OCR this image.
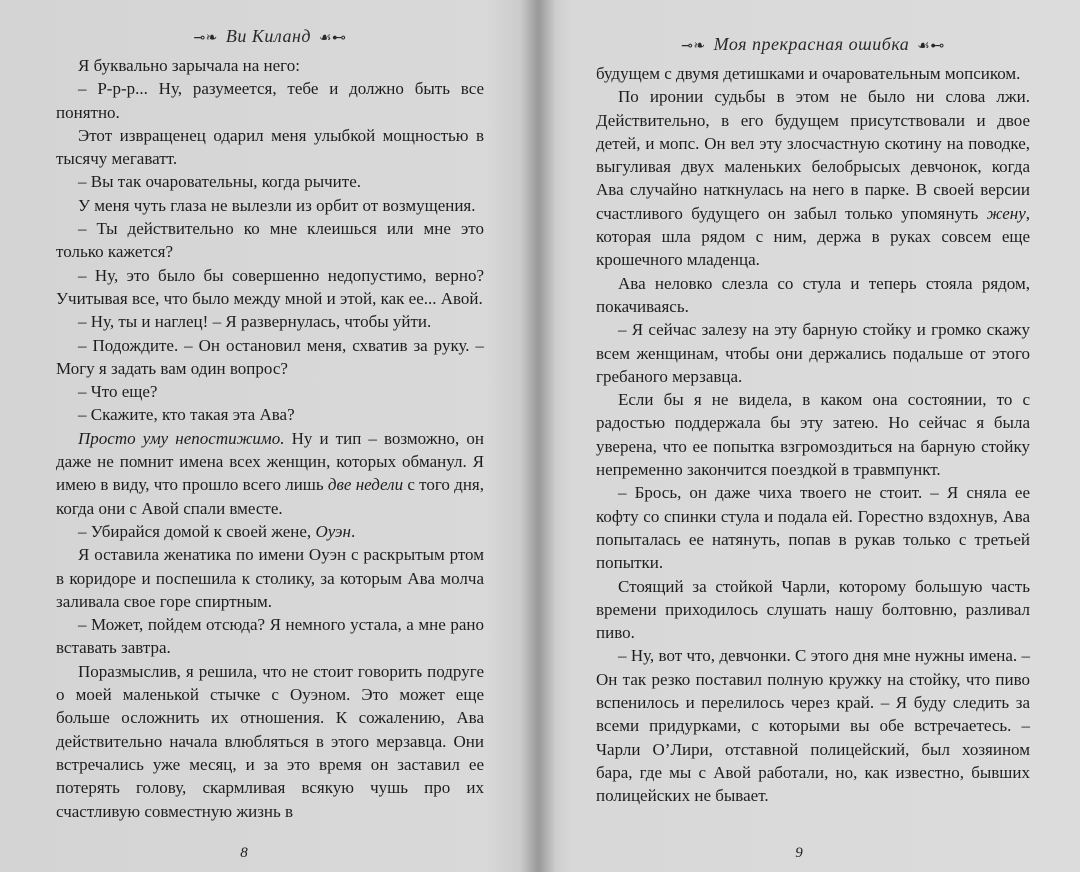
⊸❧ Ви Киланд ☙⊷

Я буквально зарычала на него:

– Р-р-р... Ну, разумеется, тебе и должно быть все понятно.

Этот извращенец одарил меня улыбкой мощностью в тысячу мегаватт.

– Вы так очаровательны, когда рычите.

У меня чуть глаза не вылезли из орбит от возмущения.

– Ты действительно ко мне клеишься или мне это только кажется?

– Ну, это было бы совершенно недопустимо, верно? Учитывая все, что было между мной и этой, как ее... Авой.

– Ну, ты и наглец! – Я развернулась, чтобы уйти.

– Подождите. – Он остановил меня, схватив за руку. – Могу я задать вам один вопрос?

– Что еще?

– Скажите, кто такая эта Ава?

Просто уму непостижимо. Ну и тип – возможно, он даже не помнит имена всех женщин, которых обманул. Я имею в виду, что прошло всего лишь две недели с того дня, когда они с Авой спали вместе.

– Убирайся домой к своей жене, Оуэн.

Я оставила женатика по имени Оуэн с раскрытым ртом в коридоре и поспешила к столику, за которым Ава молча заливала свое горе спиртным.

– Может, пойдем отсюда? Я немного устала, а мне рано вставать завтра.

Поразмыслив, я решила, что не стоит говорить подруге о моей маленькой стычке с Оуэном. Это может еще больше осложнить их отношения. К сожалению, Ава действительно начала влюбляться в этого мерзавца. Они встречались уже месяц, и за это время он заставил ее потерять голову, скармливая всякую чушь про их счастливую совместную жизнь в

8
⊸❧ Моя прекрасная ошибка ☙⊷

будущем с двумя детишками и очаровательным мопсиком.

По иронии судьбы в этом не было ни слова лжи. Действительно, в его будущем присутствовали и двое детей, и мопс. Он вел эту злосчастную скотину на поводке, выгуливая двух маленьких белобрысых девчонок, когда Ава случайно наткнулась на него в парке. В своей версии счастливого будущего он забыл только упомянуть жену, которая шла рядом с ним, держа в руках совсем еще крошечного младенца.

Ава неловко слезла со стула и теперь стояла рядом, покачиваясь.

– Я сейчас залезу на эту барную стойку и громко скажу всем женщинам, чтобы они держались подальше от этого гребаного мерзавца.

Если бы я не видела, в каком она состоянии, то с радостью поддержала бы эту затею. Но сейчас я была уверена, что ее попытка взгромоздиться на барную стойку непременно закончится поездкой в травмпункт.

– Брось, он даже чиха твоего не стоит. – Я сняла ее кофту со спинки стула и подала ей. Горестно вздохнув, Ава попыталась ее натянуть, попав в рукав только с третьей попытки.

Стоящий за стойкой Чарли, которому большую часть времени приходилось слушать нашу болтовню, разливал пиво.

– Ну, вот что, девчонки. С этого дня мне нужны имена. – Он так резко поставил полную кружку на стойку, что пиво вспенилось и перелилось через край. – Я буду следить за всеми придурками, с которыми вы обе встречаетесь. – Чарли О’Лири, отставной полицейский, был хозяином бара, где мы с Авой работали, но, как известно, бывших полицейских не бывает.

9
